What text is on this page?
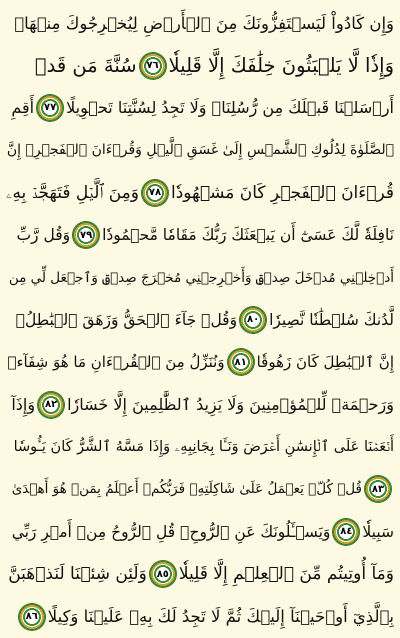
وَإِن كَادُواْ لَيَسۡتَفِزُّونَكَ مِنَ ٱلۡأَرۡضِ لِيُخۡرِجُوكَ مِنۡهَاۖ
وَإِذٗا لَّا يَلۡبَثُونَ خِلَٰفَكَ إِلَّا قَلِيلٗا
٧٦
سُنَّةَ مَن قَدۡ
أَرۡسَلۡنَا قَبۡلَكَ مِن رُّسُلِنَاۖ وَلَا تَجِدُ لِسُنَّتِنَا تَحۡوِيلًا
٧٧
أَقِمِ
ٱلصَّلَوٰةَ لِدُلُوكِ ٱلشَّمۡسِ إِلَىٰ غَسَقِ ٱلَّيۡلِ وَقُرۡءَانَ ٱلۡفَجۡرِۖ إِنَّ
قُرۡءَانَ ٱلۡفَجۡرِ كَانَ مَشۡهُودٗا
٧٨
وَمِنَ ٱلَّيۡلِ فَتَهَجَّدۡ بِهِۦ
نَافِلَةٗ لَّكَ عَسَىٰٓ أَن يَبۡعَثَكَ رَبُّكَ مَقَامٗا مَّحۡمُودٗا
٧٩
وَقُل رَّبِّ
أَدۡخِلۡنِي مُدۡخَلَ صِدۡقٖ وَأَخۡرِجۡنِي مُخۡرَجَ صِدۡقٖ وَٱجۡعَل لِّي مِن
لَّدُنكَ سُلۡطَٰنٗا نَّصِيرٗا
٨٠
وَقُلۡ جَآءَ ٱلۡحَقُّ وَزَهَقَ ٱلۡبَٰطِلُۚ
إِنَّ ٱلۡبَٰطِلَ كَانَ زَهُوقٗا
٨١
وَنُنَزِّلُ مِنَ ٱلۡقُرۡءَانِ مَا هُوَ شِفَآءٞ
وَرَحۡمَةٞ لِّلۡمُؤۡمِنِينَ وَلَا يَزِيدُ ٱلظَّٰلِمِينَ إِلَّا خَسَارٗا
٨٢
وَإِذَآ
أَنۡعَمۡنَا عَلَى ٱلۡإِنسَٰنِ أَعۡرَضَ وَنَـَٔا بِجَانِبِهِۦ وَإِذَا مَسَّهُ ٱلشَّرُّ كَانَ يَـُٔوسٗا
٨٣
قُلۡ كُلّٞ يَعۡمَلُ عَلَىٰ شَاكِلَتِهِۦ فَرَبُّكُمۡ أَعۡلَمُ بِمَنۡ هُوَ أَهۡدَىٰ
سَبِيلٗا
٨٤
وَيَسۡـَٔلُونَكَ عَنِ ٱلرُّوحِۖ قُلِ ٱلرُّوحُ مِنۡ أَمۡرِ رَبِّي
وَمَآ أُوتِيتُم مِّنَ ٱلۡعِلۡمِ إِلَّا قَلِيلٗا
٨٥
وَلَئِن شِئۡنَا لَنَذۡهَبَنَّ
بِٱلَّذِيٓ أَوۡحَيۡنَآ إِلَيۡكَ ثُمَّ لَا تَجِدُ لَكَ بِهِۦ عَلَيۡنَا وَكِيلًا
٨٦
